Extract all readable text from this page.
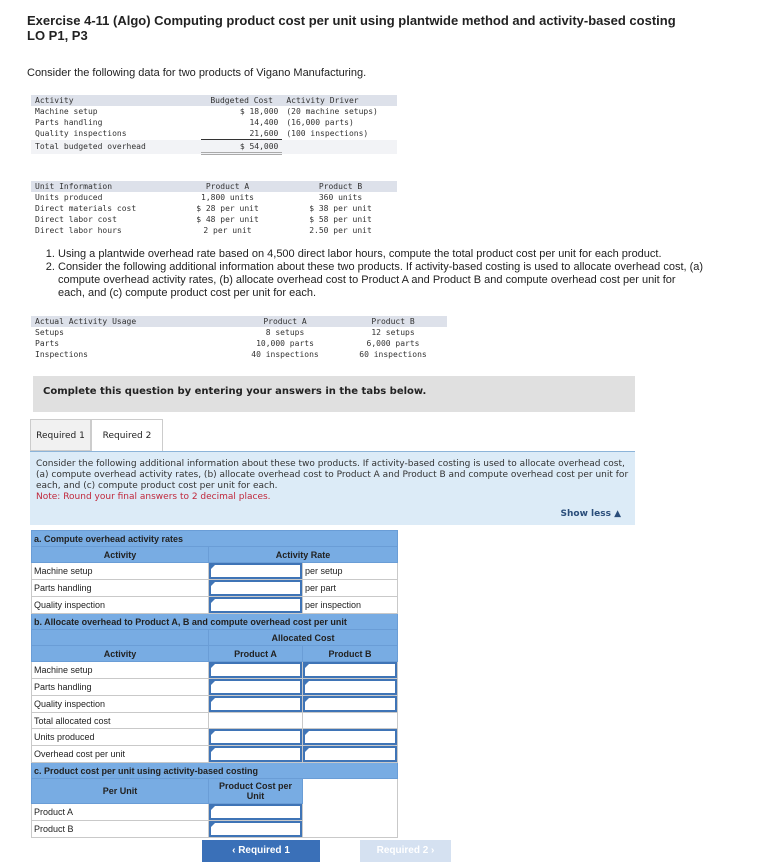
Exercise 4-11 (Algo) Computing product cost per unit using plantwide method and activity-based costing
LO P1, P3
Consider the following data for two products of Vigano Manufacturing.
Activity	Budgeted Cost	Activity Driver
Machine setup	$ 18,000	(20 machine setups)
Parts handling	14,400	(16,000 parts)
Quality inspections	21,600	(100 inspections)
Total budgeted overhead	$ 54,000	
Unit Information	Product A	Product B
Units produced	1,800 units	360 units
Direct materials cost	$ 28 per unit	$ 38 per unit
Direct labor cost	$ 48 per unit	$ 58 per unit
Direct labor hours	2 per unit	2.50 per unit
1. Using a plantwide overhead rate based on 4,500 direct labor hours, compute the total product cost per unit for each product.
2. Consider the following additional information about these two products. If activity-based costing is used to allocate overhead cost, (a) compute overhead activity rates, (b) allocate overhead cost to Product A and Product B and compute overhead cost per unit for each, and (c) compute product cost per unit for each.
Actual Activity Usage	Product A	Product B
Setups	8 setups	12 setups
Parts	10,000 parts	6,000 parts
Inspections	40 inspections	60 inspections
Complete this question by entering your answers in the tabs below.
Required 1	Required 2
Consider the following additional information about these two products. If activity-based costing is used to allocate overhead cost, (a) compute overhead activity rates, (b) allocate overhead cost to Product A and Product B and compute overhead cost per unit for each, and (c) compute product cost per unit for each.
Note: Round your final answers to 2 decimal places.
Show less ▲
a. Compute overhead activity rates		
Activity	Activity Rate	
Machine setup		per setup
Parts handling		per part
Quality inspection		per inspection
b. Allocate overhead to Product A, B and compute overhead cost per unit		
	Allocated Cost	
Activity	Product A	Product B
Machine setup	

Parts handling	

Quality inspection	

Total allocated cost		
Units produced	

Overhead cost per unit	

c. Product cost per unit using activity-based costing		
Per Unit	Product Cost per Unit	
Product A		

Product B		
‹ Required 1	Required 2 ›
